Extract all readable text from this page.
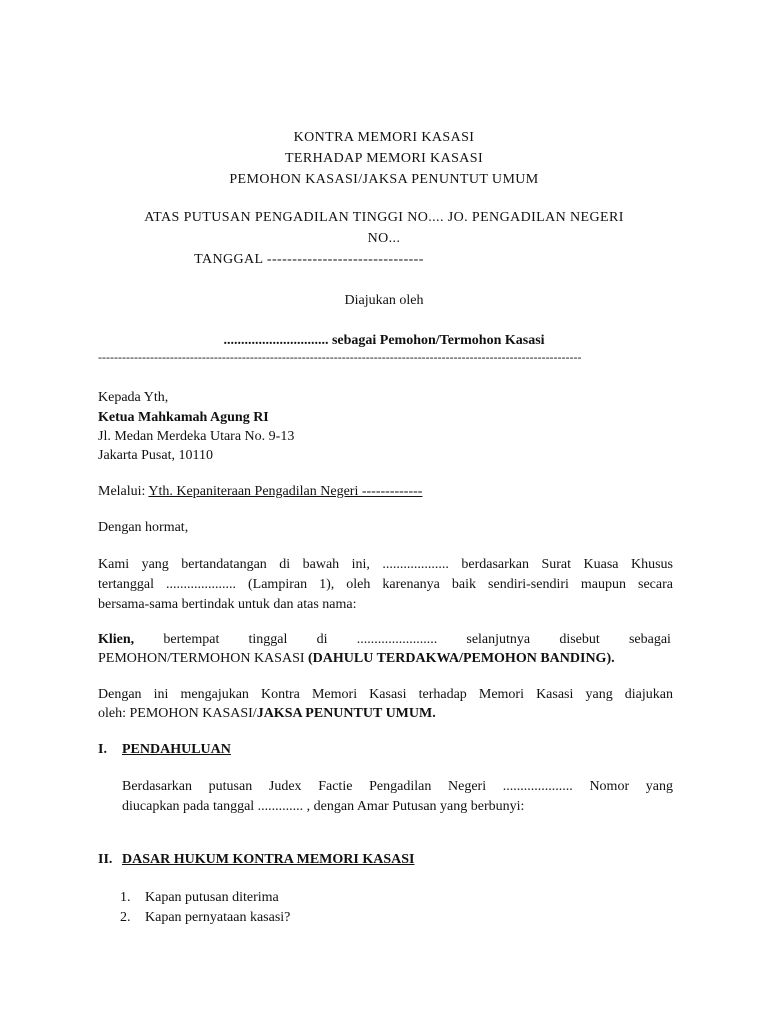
KONTRA MEMORI KASASI
TERHADAP MEMORI KASASI
PEMOHON KASASI/JAKSA PENUNTUT UMUM
ATAS PUTUSAN PENGADILAN TINGGI NO.... JO. PENGADILAN NEGERI
NO...
TANGGAL -------------------------------
Diajukan oleh
.............................. sebagai Pemohon/Termohon Kasasi
-------------------------------------------------------------------------------------------------------------------------
Kepada Yth,
Ketua Mahkamah Agung RI
Jl. Medan Merdeka Utara No. 9-13
Jakarta Pusat, 10110
Melalui: Yth. Kepaniteraan Pengadilan Negeri -------------
Dengan hormat,
Kami yang bertandatangan di bawah ini, ................... berdasarkan Surat Kuasa Khusus
tertanggal .................... (Lampiran 1), oleh karenanya baik sendiri-sendiri maupun secara
bersama-sama bertindak untuk dan atas nama:
Klien, bertempat tinggal di ....................... selanjutnya disebut sebagai
PEMOHON/TERMOHON KASASI (DAHULU TERDAKWA/PEMOHON BANDING).
Dengan ini mengajukan Kontra Memori Kasasi terhadap Memori Kasasi yang diajukan
oleh: PEMOHON KASASI/JAKSA PENUNTUT UMUM.
I. PENDAHULUAN
Berdasarkan putusan Judex Factie Pengadilan Negeri .................... Nomor yang
diucapkan pada tanggal ............. , dengan Amar Putusan yang berbunyi:
II. DASAR HUKUM KONTRA MEMORI KASASI
1. Kapan putusan diterima
2. Kapan pernyataan kasasi?
